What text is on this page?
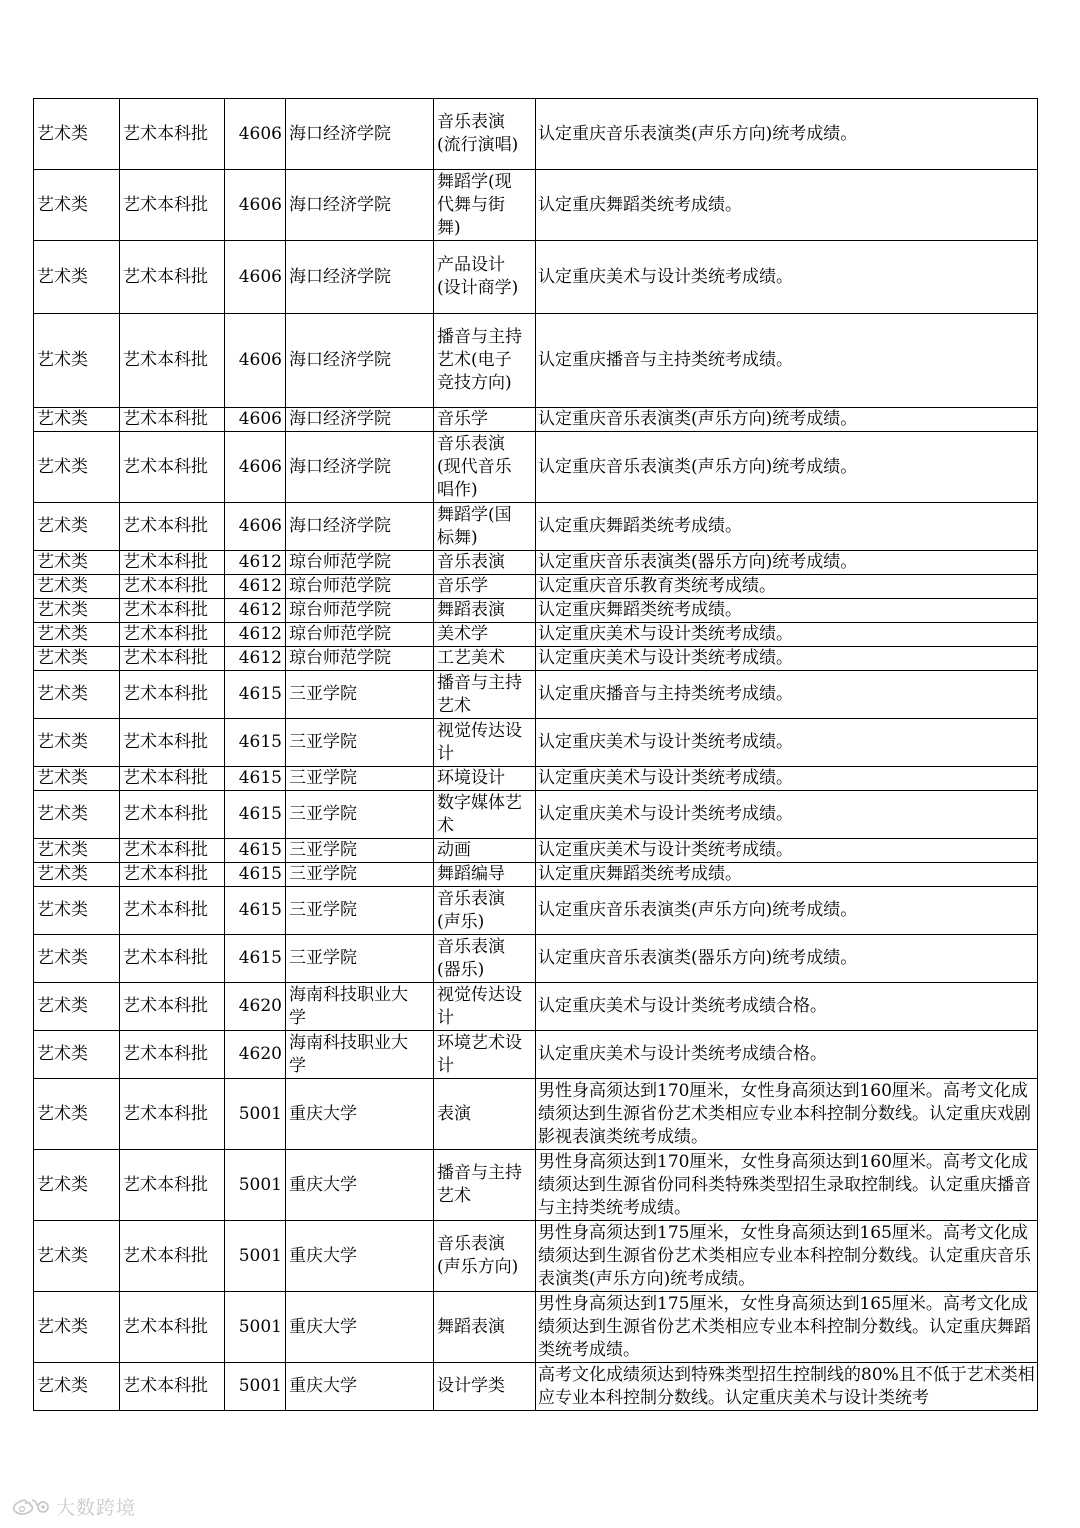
艺术类	艺术本科批	4606	海口经济学院	音乐表演
(流行演唱)	认定重庆音乐表演类(声乐方向)统考成绩。
艺术类	艺术本科批	4606	海口经济学院	舞蹈学(现
代舞与街
舞)	认定重庆舞蹈类统考成绩。
艺术类	艺术本科批	4606	海口经济学院	产品设计
(设计商学)	认定重庆美术与设计类统考成绩。
艺术类	艺术本科批	4606	海口经济学院	播音与主持
艺术(电子
竞技方向)	认定重庆播音与主持类统考成绩。
艺术类	艺术本科批	4606	海口经济学院	音乐学	认定重庆音乐表演类(声乐方向)统考成绩。
艺术类	艺术本科批	4606	海口经济学院	音乐表演
(现代音乐
唱作)	认定重庆音乐表演类(声乐方向)统考成绩。
艺术类	艺术本科批	4606	海口经济学院	舞蹈学(国
标舞)	认定重庆舞蹈类统考成绩。
艺术类	艺术本科批	4612	琼台师范学院	音乐表演	认定重庆音乐表演类(器乐方向)统考成绩。
艺术类	艺术本科批	4612	琼台师范学院	音乐学	认定重庆音乐教育类统考成绩。
艺术类	艺术本科批	4612	琼台师范学院	舞蹈表演	认定重庆舞蹈类统考成绩。
艺术类	艺术本科批	4612	琼台师范学院	美术学	认定重庆美术与设计类统考成绩。
艺术类	艺术本科批	4612	琼台师范学院	工艺美术	认定重庆美术与设计类统考成绩。
艺术类	艺术本科批	4615	三亚学院	播音与主持
艺术	认定重庆播音与主持类统考成绩。
艺术类	艺术本科批	4615	三亚学院	视觉传达设
计	认定重庆美术与设计类统考成绩。
艺术类	艺术本科批	4615	三亚学院	环境设计	认定重庆美术与设计类统考成绩。
艺术类	艺术本科批	4615	三亚学院	数字媒体艺
术	认定重庆美术与设计类统考成绩。
艺术类	艺术本科批	4615	三亚学院	动画	认定重庆美术与设计类统考成绩。
艺术类	艺术本科批	4615	三亚学院	舞蹈编导	认定重庆舞蹈类统考成绩。
艺术类	艺术本科批	4615	三亚学院	音乐表演
(声乐)	认定重庆音乐表演类(声乐方向)统考成绩。
艺术类	艺术本科批	4615	三亚学院	音乐表演
(器乐)	认定重庆音乐表演类(器乐方向)统考成绩。
艺术类	艺术本科批	4620	海南科技职业大
学	视觉传达设
计	认定重庆美术与设计类统考成绩合格。
艺术类	艺术本科批	4620	海南科技职业大
学	环境艺术设
计	认定重庆美术与设计类统考成绩合格。
艺术类	艺术本科批	5001	重庆大学	表演	男性身高须达到170厘米，女性身高须达到160厘米。高考文化成绩须达到生源省份艺术类相应专业本科控制分数线。认定重庆戏剧影视表演类统考成绩。
艺术类	艺术本科批	5001	重庆大学	播音与主持
艺术	男性身高须达到170厘米，女性身高须达到160厘米。高考文化成绩须达到生源省份同科类特殊类型招生录取控制线。认定重庆播音与主持类统考成绩。
艺术类	艺术本科批	5001	重庆大学	音乐表演
(声乐方向)	男性身高须达到175厘米，女性身高须达到165厘米。高考文化成绩须达到生源省份艺术类相应专业本科控制分数线。认定重庆音乐表演类(声乐方向)统考成绩。
艺术类	艺术本科批	5001	重庆大学	舞蹈表演	男性身高须达到175厘米，女性身高须达到165厘米。高考文化成绩须达到生源省份艺术类相应专业本科控制分数线。认定重庆舞蹈类统考成绩。
艺术类	艺术本科批	5001	重庆大学	设计学类	高考文化成绩须达到特殊类型招生控制线的80%且不低于艺术类相应专业本科控制分数线。认定重庆美术与设计类统考
大数跨境
